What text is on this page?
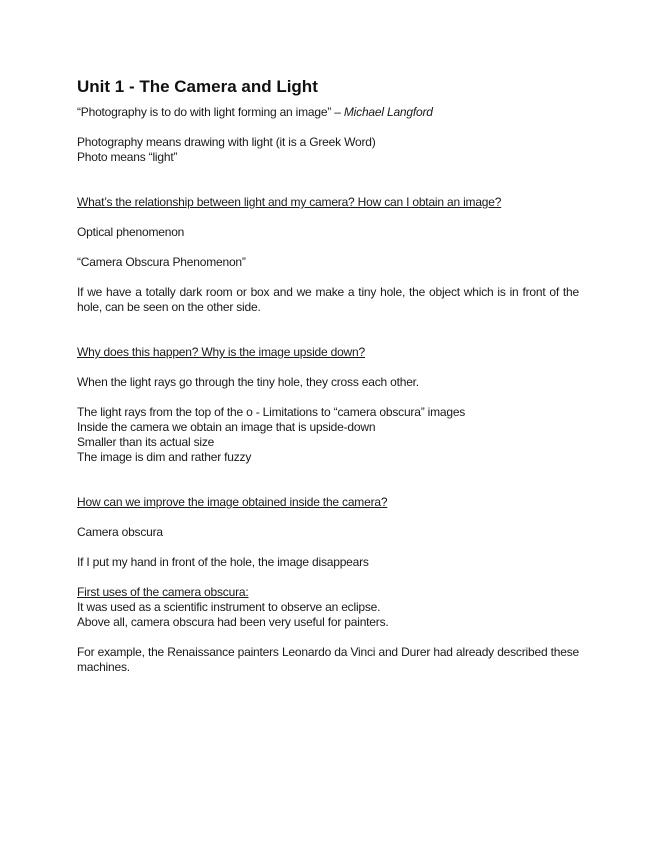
Unit 1 - The Camera and Light

“Photography is to do with light forming an image” – Michael Langford

Photography means drawing with light (it is a Greek Word)

Photo means “light”

What’s the relationship between light and my camera? How can I obtain an image?

Optical phenomenon

“Camera Obscura Phenomenon”

If we have a totally dark room or box and we make a tiny hole, the object which is in front of the hole, can be seen on the other side.

Why does this happen? Why is the image upside down?

When the light rays go through the tiny hole, they cross each other.

The light rays from the top of the o - Limitations to “camera obscura” images

Inside the camera we obtain an image that is upside-down

Smaller than its actual size

The image is dim and rather fuzzy

How can we improve the image obtained inside the camera?

Camera obscura

If I put my hand in front of the hole, the image disappears

First uses of the camera obscura:

It was used as a scientific instrument to observe an eclipse.

Above all, camera obscura had been very useful for painters.

For example, the Renaissance painters Leonardo da Vinci and Durer had already described these machines.
